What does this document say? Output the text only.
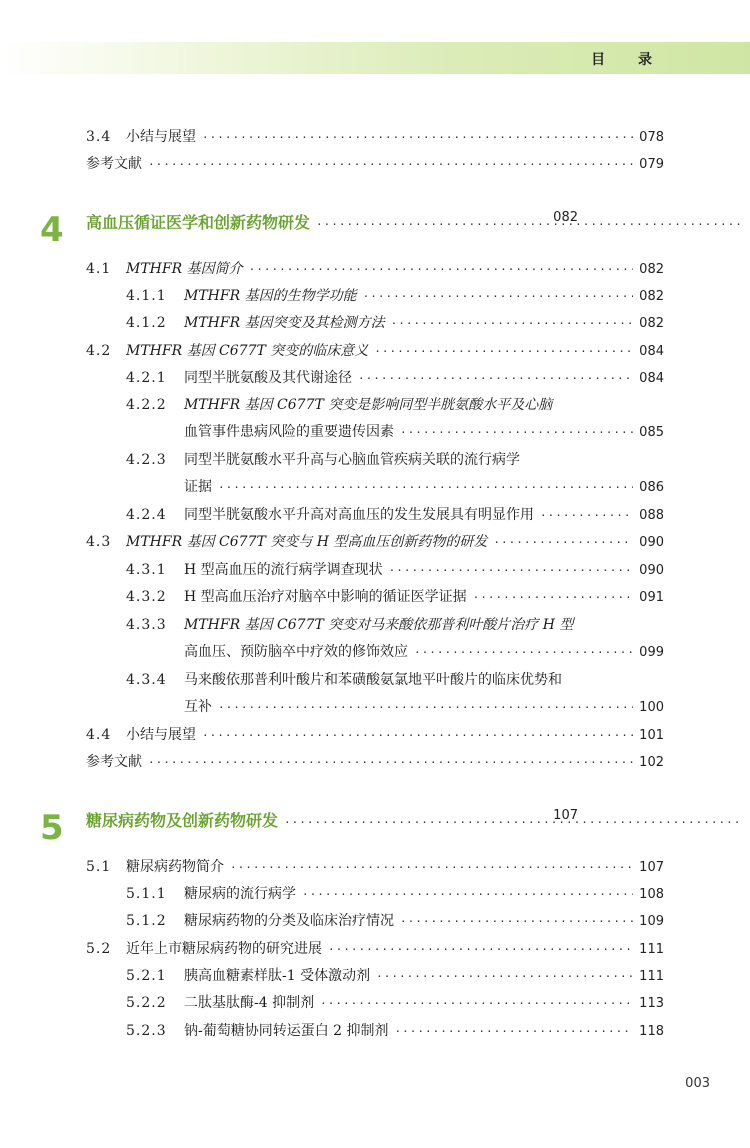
目 录
3.4	小结与展望 ·····	078
参考文献 ·····	079
4 高血压循证医学和创新药物研发 ·····	082
4.1	MTHFR 基因简介 ·····	082
4.1.1	MTHFR 基因的生物学功能 ·····	082
4.1.2	MTHFR 基因突变及其检测方法 ·····	082
4.2	MTHFR 基因 C677T 突变的临床意义 ·····	084
4.2.1	同型半胱氨酸及其代谢途径 ·····	084
4.2.2 MTHFR 基因 C677T 突变是影响同型半胱氨酸水平及心脑
血管事件患病风险的重要遗传因素 ·····	085
4.2.3 同型半胱氨酸水平升高与心脑血管疾病关联的流行病学
证据 ·····	086
4.2.4	同型半胱氨酸水平升高对高血压的发生发展具有明显作用 ·····	088
4.3	MTHFR 基因 C677T 突变与 H 型高血压创新药物的研发 ·····	090
4.3.1	H 型高血压的流行病学调查现状 ·····	090
4.3.2	H 型高血压治疗对脑卒中影响的循证医学证据 ·····	091
4.3.3 MTHFR 基因 C677T 突变对马来酸依那普利叶酸片治疗 H 型
高血压、预防脑卒中疗效的修饰效应 ·····	099
4.3.4 马来酸依那普利叶酸片和苯磺酸氨氯地平叶酸片的临床优势和
互补 ·····	100
4.4	小结与展望 ·····	101
参考文献 ·····	102
5 糖尿病药物及创新药物研发 ·····	107
5.1	糖尿病药物简介 ·····	107
5.1.1	糖尿病的流行病学 ·····	108
5.1.2	糖尿病药物的分类及临床治疗情况 ·····	109
5.2	近年上市糖尿病药物的研究进展 ·····	111
5.2.1	胰高血糖素样肽-1 受体激动剂 ·····	111
5.2.2	二肽基肽酶-4 抑制剂 ·····	113
5.2.3	钠-葡萄糖协同转运蛋白 2 抑制剂 ·····	118
003
